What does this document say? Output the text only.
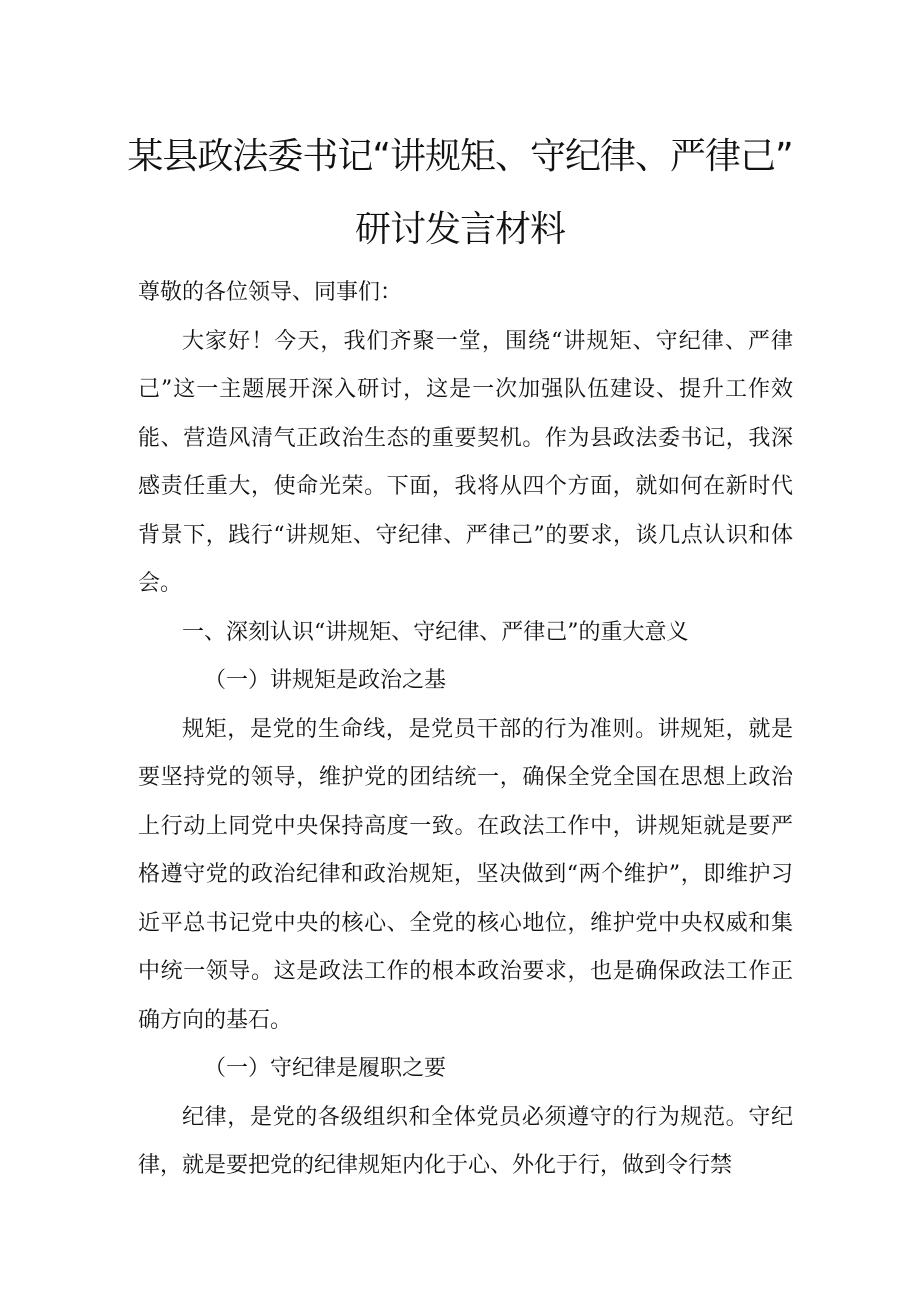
某县政法委书记“讲规矩、守纪律、严律己”
研讨发言材料

尊敬的各位领导、同事们：

大家好！今天，我们齐聚一堂，围绕“讲规矩、守纪律、严律己”这一主题展开深入研讨，这是一次加强队伍建设、提升工作效能、营造风清气正政治生态的重要契机。作为县政法委书记，我深感责任重大，使命光荣。下面，我将从四个方面，就如何在新时代背景下，践行“讲规矩、守纪律、严律己”的要求，谈几点认识和体会。

一、深刻认识“讲规矩、守纪律、严律己”的重大意义

（一）讲规矩是政治之基

规矩，是党的生命线，是党员干部的行为准则。讲规矩，就是要坚持党的领导，维护党的团结统一，确保全党全国在思想上政治上行动上同党中央保持高度一致。在政法工作中，讲规矩就是要严格遵守党的政治纪律和政治规矩，坚决做到“两个维护”，即维护习近平总书记党中央的核心、全党的核心地位，维护党中央权威和集中统一领导。这是政法工作的根本政治要求，也是确保政法工作正确方向的基石。

（一）守纪律是履职之要

纪律，是党的各级组织和全体党员必须遵守的行为规范。守纪律，就是要把党的纪律规矩内化于心、外化于行，做到令行禁
